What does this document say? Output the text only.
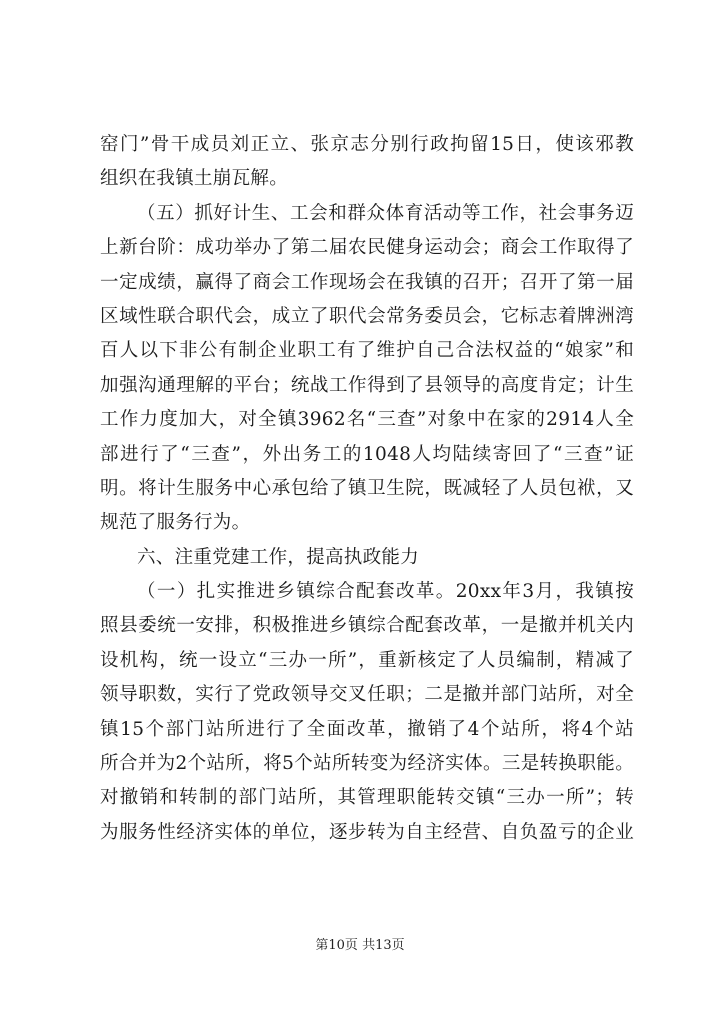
窑门”骨干成员刘正立、张京志分别行政拘留15日，使该邪教
组织在我镇土崩瓦解。
（五）抓好计生、工会和群众体育活动等工作，社会事务迈
上新台阶：成功举办了第二届农民健身运动会；商会工作取得了
一定成绩，赢得了商会工作现场会在我镇的召开；召开了第一届
区域性联合职代会，成立了职代会常务委员会，它标志着牌洲湾
百人以下非公有制企业职工有了维护自己合法权益的“娘家”和
加强沟通理解的平台；统战工作得到了县领导的高度肯定；计生
工作力度加大，对全镇3962名“三查”对象中在家的2914人全
部进行了“三查”，外出务工的1048人均陆续寄回了“三查”证
明。将计生服务中心承包给了镇卫生院，既减轻了人员包袱，又
规范了服务行为。
六、注重党建工作，提高执政能力
（一）扎实推进乡镇综合配套改革。20xx年3月，我镇按
照县委统一安排，积极推进乡镇综合配套改革，一是撤并机关内
设机构，统一设立“三办一所”，重新核定了人员编制，精减了
领导职数，实行了党政领导交叉任职；二是撤并部门站所，对全
镇15个部门站所进行了全面改革，撤销了4个站所，将4个站
所合并为2个站所，将5个站所转变为经济实体。三是转换职能。
对撤销和转制的部门站所，其管理职能转交镇“三办一所”；转
为服务性经济实体的单位，逐步转为自主经营、自负盈亏的企业
第10页 共13页
